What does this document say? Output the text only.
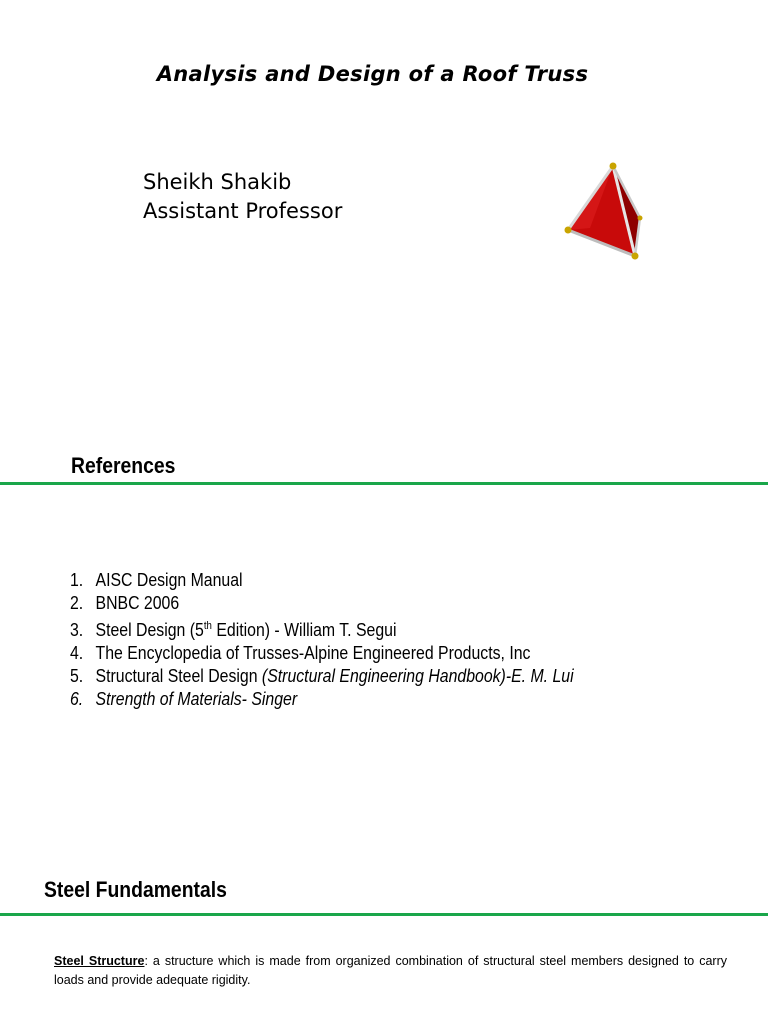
Analysis and Design of a Roof Truss
Sheikh Shakib
Assistant Professor
References
1. AISC Design Manual
2. BNBC 2006
3. Steel Design (5th Edition) - William T. Segui
4. The Encyclopedia of Trusses-Alpine Engineered Products, Inc
5. Structural Steel Design (Structural Engineering Handbook)-E. M. Lui
6. Strength of Materials- Singer
Steel Fundamentals
Steel Structure: a structure which is made from organized combination of structural steel members designed to carry loads and provide adequate rigidity.
